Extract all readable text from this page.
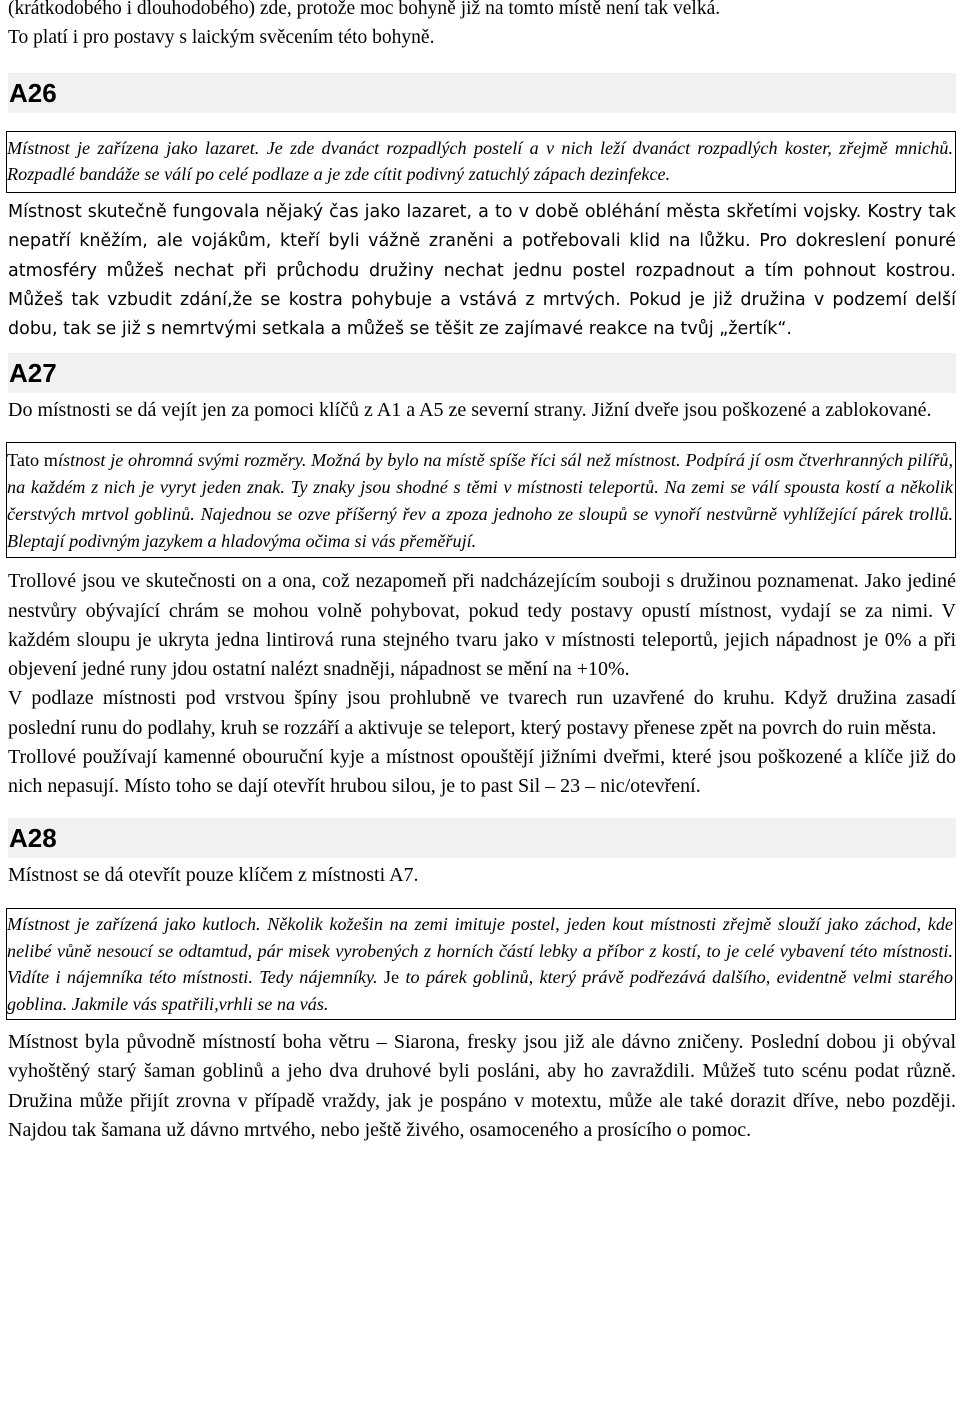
(krátkodobého i dlouhodobého) zde, protože moc bohyně již na tomto místě není tak velká.

To platí i pro postavy s laickým svěcením této bohyně.

A26

Místnost je zařízena jako lazaret. Je zde dvanáct rozpadlých postelí a v nich leží dvanáct rozpadlých koster, zřejmě mnichů. Rozpadlé bandáže se válí po celé podlaze a je zde cítit podivný zatuchlý zápach dezinfekce.

Místnost skutečně fungovala nějaký čas jako lazaret, a to v době obléhání města skřetími vojsky. Kostry tak nepatří kněžím, ale vojákům, kteří byli vážně zraněni a potřebovali klid na lůžku. Pro dokreslení ponuré atmosféry můžeš nechat při průchodu družiny nechat jednu postel rozpadnout a tím pohnout kostrou. Můžeš tak vzbudit zdání,že se kostra pohybuje a vstává z mrtvých. Pokud je již družina v podzemí delší dobu, tak se již s nemrtvými setkala a můžeš se těšit ze zajímavé reakce na tvůj „žertík“.

A27

Do místnosti se dá vejít jen za pomoci klíčů z A1 a A5 ze severní strany. Jižní dveře jsou poškozené a zablokované.

Tato místnost je ohromná svými rozměry. Možná by bylo na místě spíše říci sál než místnost. Podpírá jí osm čtverhranných pilířů, na každém z nich je vyryt jeden znak. Ty znaky jsou shodné s těmi v místnosti teleportů. Na zemi se válí spousta kostí a několik čerstvých mrtvol goblinů. Najednou se ozve příšerný řev a zpoza jednoho ze sloupů se vynoří nestvůrně vyhlížející párek trollů. Bleptají podivným jazykem a hladovýma očima si vás přeměřují.

Trollové jsou ve skutečnosti on a ona, což nezapomeň při nadcházejícím souboji s družinou poznamenat. Jako jediné nestvůry obývající chrám se mohou volně pohybovat, pokud tedy postavy opustí místnost, vydají se za nimi. V každém sloupu je ukryta jedna lintirová runa stejného tvaru jako v místnosti teleportů, jejich nápadnost je 0% a při objevení jedné runy jdou ostatní nalézt snadněji, nápadnost se mění na +10%.

V podlaze místnosti pod vrstvou špíny jsou prohlubně ve tvarech run uzavřené do kruhu. Když družina zasadí poslední runu do podlahy, kruh se rozzáří a aktivuje se teleport, který postavy přenese zpět na povrch do ruin města.

Trollové používají kamenné obouruční kyje a místnost opouštějí jižními dveřmi, které jsou poškozené a klíče již do nich nepasují. Místo toho se dají otevřít hrubou silou, je to past Sil – 23 – nic/otevření.

A28

Místnost se dá otevřít pouze klíčem z místnosti A7.

Místnost je zařízená jako kutloch. Několik kožešin na zemi imituje postel, jeden kout místnosti zřejmě slouží jako záchod, kde nelibé vůně nesoucí se odtamtud, pár misek vyrobených z horních částí lebky a příbor z kostí, to je celé vybavení této místnosti. Vidíte i nájemníka této místnosti. Tedy nájemníky. Je to párek goblinů, který právě podřezává dalšího, evidentně velmi starého goblina. Jakmile vás spatřili,vrhli se na vás.

Místnost byla původně místností boha větru – Siarona, fresky jsou již ale dávno zničeny. Poslední dobou ji obýval vyhoštěný starý šaman goblinů a jeho dva druhové byli posláni, aby ho zavraždili. Můžeš tuto scénu podat různě. Družina může přijít zrovna v případě vraždy, jak je pospáno v motextu, může ale také dorazit dříve, nebo později. Najdou tak šamana už dávno mrtvého, nebo ještě živého, osamoceného a prosícího o pomoc.
